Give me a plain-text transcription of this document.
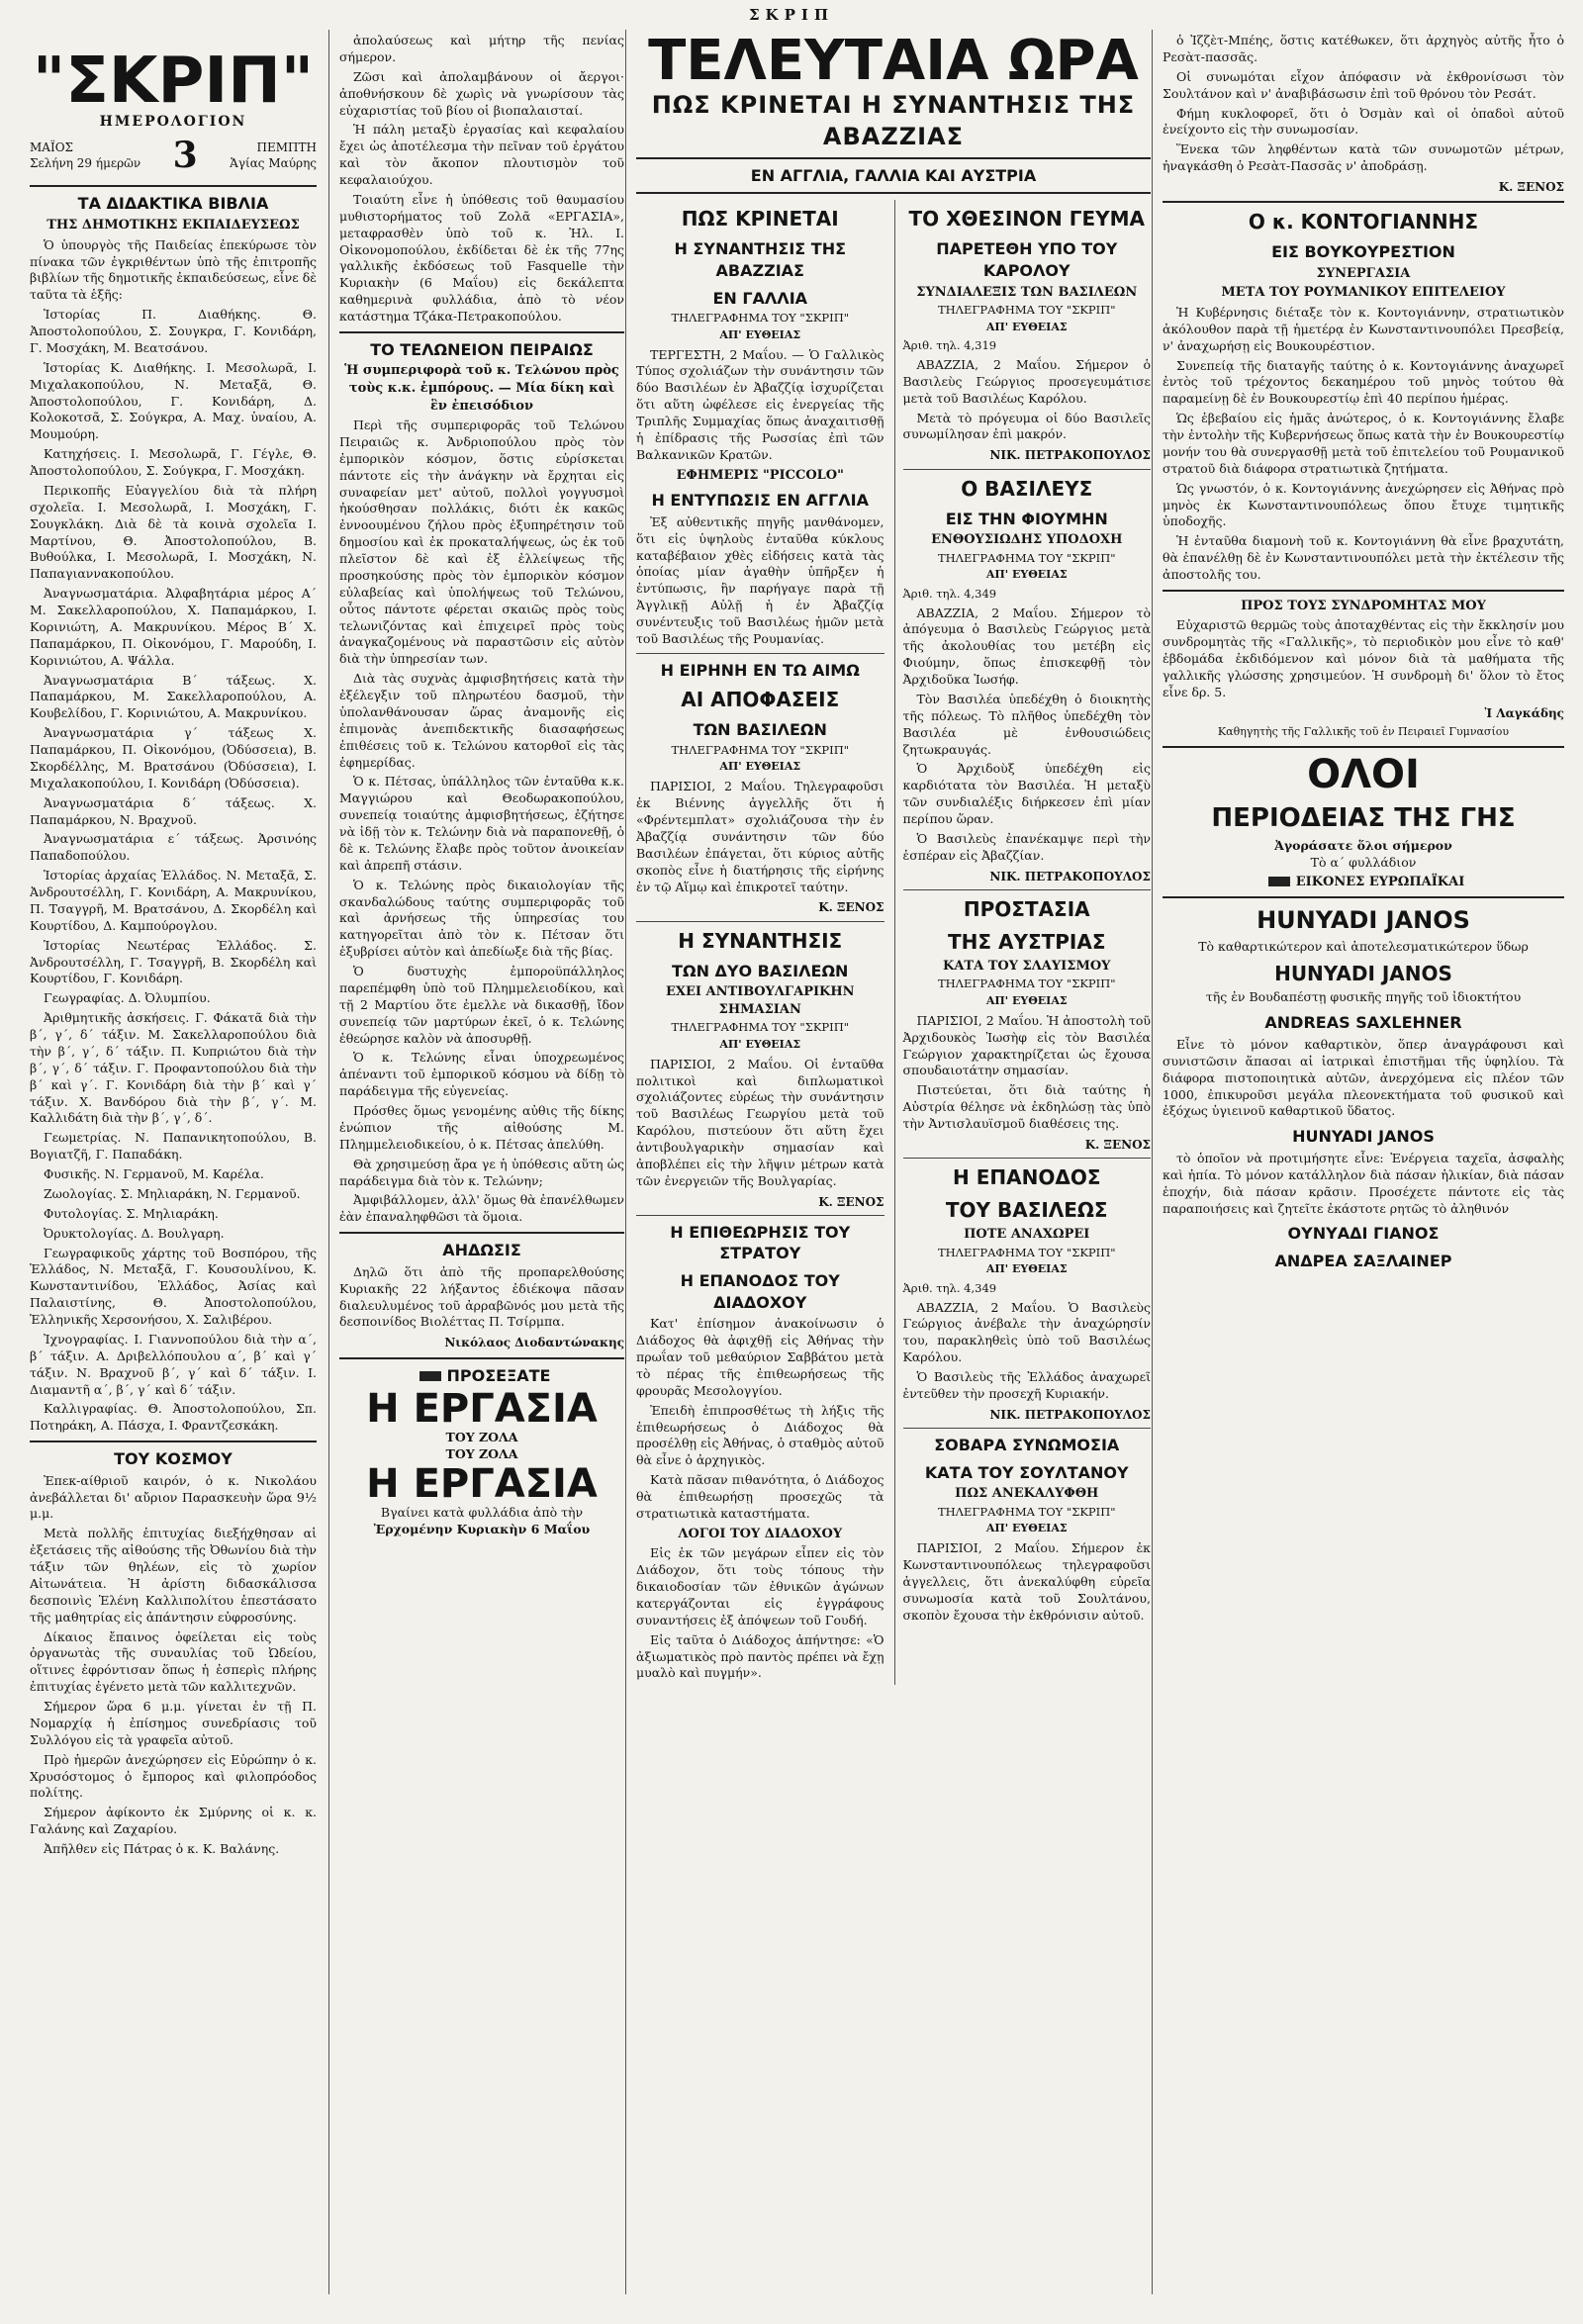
ΣΚΡΙΠ
"ΣΚΡΙΠ"
ΗΜΕΡΟΛΟΓΙΟΝ
ΜΑΪΟΣ
Σελήνη 29 ήμερῶν 3	ΠΕΜΠΤΗ
Ἁγίας Μαύρης
ΤΑ ΔΙΔΑΚΤΙΚΑ ΒΙΒΛΙΑ
ΤΗΣ ΔΗΜΟΤΙΚΗΣ ΕΚΠΑΙΔΕΥΣΕΩΣ

Ὁ ὑπουργὸς τῆς Παιδείας ἐπεκύρωσε τὸν πίνακα τῶν ἐγκριθέντων ὑπὸ τῆς ἐπιτροπῆς βιβλίων τῆς δημοτικῆς ἐκπαιδεύσεως, εἶνε δὲ ταῦτα τὰ ἑξῆς:

Ἱστορίας Π. Διαθήκης. Θ. Ἀποστολοπούλου, Σ. Σουγκρα, Γ. Κονιδάρη, Γ. Μοσχάκη, Μ. Βεατσάνου.

Ἱστορίας Κ. Διαθήκης. Ι. Μεσολωρᾶ, Ι. Μιχαλακοπούλου, Ν. Μεταξᾶ, Θ. Ἀποστολοπούλου, Γ. Κονιδάρη, Δ. Κολοκοτσᾶ, Σ. Σούγκρα, Α. Μαχ. ὑναίου, Α. Μουμούρη.

Κατηχήσεις. Ι. Μεσολωρᾶ, Γ. Γέγλε, Θ. Ἀποστολοπούλου, Σ. Σούγκρα, Γ. Μοσχάκη.

Περικοπῆς Εὐαγγελίου διὰ τὰ πλήρη σχολεῖα. Ι. Μεσολωρᾶ, Ι. Μοσχάκη, Γ. Σουγκλάκη. Διὰ δὲ τὰ κοινὰ σχολεῖα Ι. Μαρτίνου, Θ. Ἀποστολοπούλου, Β. Βυθούλκα, Ι. Μεσολωρᾶ, Ι. Μοσχάκη, Ν. Παπαγιαννακοπούλου.

Ἀναγνωσματάρια. Ἀλφαβητάρια μέρος Α΄ Μ. Σακελλαροπούλου, Χ. Παπαμάρκου, Ι. Κορινιώτη, Α. Μακρυνίκου. Μέρος Β΄ Χ. Παπαμάρκου, Π. Οἰκονόμου, Γ. Μαρούδη, Ι. Κορινιώτου, Α. Ψάλλα.

Ἀναγνωσματάρια Β΄ τάξεως. Χ. Παπαμάρκου, Μ. Σακελλαροπούλου, Α. Κουβελίδου, Γ. Κορινιώτου, Α. Μακρυνίκου.

Ἀναγνωσματάρια γ΄ τάξεως Χ. Παπαμάρκου, Π. Οἰκονόμου, (Ὀδύσσεια), Β. Σκορδέλλης, Μ. Βρατσάνου (Ὀδύσσεια), Ι. Μιχαλακοπούλου, Ι. Κονιδάρη (Ὀδύσσεια).

Ἀναγνωσματάρια δ΄ τάξεως. Χ. Παπαμάρκου, Ν. Βραχνοῦ.

Ἀναγνωσματάρια ε΄ τάξεως. Ἀρσινόης Παπαδοπούλου.

Ἱστορίας ἀρχαίας Ἑλλάδος. Ν. Μεταξᾶ, Σ. Ἀνδρουτσέλλη, Γ. Κονιδάρη, Α. Μακρυνίκου, Π. Τσαγγρῆ, Μ. Βρατσάνου, Δ. Σκορδέλη καὶ Κουρτίδου, Δ. Καμπούρογλου.

Ἱστορίας Νεωτέρας Ἑλλάδος. Σ. Ἀνδρουτσέλλη, Γ. Τσαγγρῆ, Β. Σκορδέλη καὶ Κουρτίδου, Γ. Κονιδάρη.

Γεωγραφίας. Δ. Ὀλυμπίου.

Ἀριθμητικῆς ἀσκήσεις. Γ. Φάκατᾶ διὰ τὴν β΄, γ΄, δ΄ τάξιν. Μ. Σακελλαροπούλου διὰ τὴν β΄, γ΄, δ΄ τάξιν. Π. Κυπριώτου διὰ τὴν β΄, γ΄, δ΄ τάξιν. Γ. Προφαντοπούλου διὰ τὴν β΄ καὶ γ΄. Γ. Κονιδάρη διὰ τὴν β΄ καὶ γ΄ τάξιν. Χ. Βανδόρου διὰ τὴν β΄, γ΄. Μ. Καλλιδάτη διὰ τὴν β΄, γ΄, δ΄.

Γεωμετρίας. Ν. Παπανικητοπούλου, Β. Βογιατζῆ, Γ. Παπαδάκη.

Φυσικῆς. Ν. Γερμανοῦ, Μ. Καρέλα.

Ζωολογίας. Σ. Μηλιαράκη, Ν. Γερμανοῦ.

Φυτολογίας. Σ. Μηλιαράκη.

Ὀρυκτολογίας. Δ. Βουλγαρη.

Γεωγραφικοῦς χάρτης τοῦ Βοσπόρου, τῆς Ἑλλάδος, Ν. Μεταξᾶ, Γ. Κουσουλίνου, Κ. Κωνσταντινίδου, Ἑλλάδος, Ἀσίας καὶ Παλαιστίνης, Θ. Ἀποστολοπούλου, Ἑλληνικῆς Χερσονήσου, Χ. Σαλιβέρου.

Ἰχνογραφίας. Ι. Γιαννοπούλου διὰ τὴν α΄, β΄ τάξιν. Α. Δριβελλόπουλου α΄, β΄ καὶ γ΄ τάξιν. Ν. Βραχνοῦ β΄, γ΄ καὶ δ΄ τάξιν. Ι. Διαμαντῆ α΄, β΄, γ΄ καὶ δ΄ τάξιν.

Καλλιγραφίας. Θ. Ἀποστολοπούλου, Σπ. Ποτηράκη, Α. Πάσχα, Ι. Φραντζεσκάκη.

ΤΟΥ ΚΟΣΜΟΥ

Ἐπεκ-αίθριοῦ καιρόν, ὁ κ. Νικολάου ἀνεβάλλεται δι' αὔριον Παρασκευὴν ὥρα 9½ μ.μ.

Μετὰ πολλῆς ἐπιτυχίας διεξήχθησαν αἱ ἐξετάσεις τῆς αἰθούσης τῆς Ὀθωνίου διὰ τὴν τάξιν τῶν θηλέων, εἰς τὸ χωρίον Αἰτωνάτεια. Ἡ ἀρίστη διδασκάλισσα δεσποινὶς Ἑλένη Καλλιπολίτου ἐπεστάσατο τῆς μαθητρίας εἰς ἀπάντησιν εὐφροσύνης.

Δίκαιος ἔπαινος ὀφείλεται εἰς τοὺς ὀργανωτὰς τῆς συναυλίας τοῦ Ὠδείου, οἵτινες ἐφρόντισαν ὅπως ἡ ἐσπερὶς πλήρης ἐπιτυχίας ἐγένετο μετὰ τῶν καλλιτεχνῶν.

Σήμερον ὥρα 6 μ.μ. γίνεται ἐν τῇ Π. Νομαρχίᾳ ἡ ἐπίσημος συνεδρίασις τοῦ Συλλόγου εἰς τὰ γραφεῖα αὐτοῦ.

Πρὸ ἡμερῶν ἀνεχώρησεν εἰς Εὐρώπην ὁ κ. Χρυσόστομος ὁ ἔμπορος καὶ φιλοπρόοδος πολίτης.

Σήμερον ἀφίκοντο ἐκ Σμύρνης οἱ κ. κ. Γαλάνης καὶ Ζαχαρίου.

Ἀπῆλθεν εἰς Πάτρας ὁ κ. Κ. Βαλάνης.

ἀπολαύσεως καὶ μήτηρ τῆς πενίας σήμερον.

Ζῶσι καὶ ἀπολαμβάνουν οἱ ἄεργοι· ἀποθνήσκουν δὲ χωρὶς νὰ γνωρίσουν τὰς εὐχαριστίας τοῦ βίου οἱ βιοπαλαισταί.

Ἡ πάλη μεταξὺ ἐργασίας καὶ κεφαλαίου ἔχει ὡς ἀποτέλεσμα τὴν πεῖναν τοῦ ἐργάτου καὶ τὸν ἄκοπον πλουτισμὸν τοῦ κεφαλαιούχου.

Τοιαύτη εἶνε ἡ ὑπόθεσις τοῦ θαυμασίου μυθιστορήματος τοῦ Ζολᾶ «ΕΡΓΑΣΙΑ», μεταφρασθὲν ὑπὸ τοῦ κ. Ἠλ. Ι. Οἰκονομοπούλου, ἐκδίδεται δὲ ἐκ τῆς 77ης γαλλικῆς ἐκδόσεως τοῦ Fasquelle τὴν Κυριακὴν (6 Μαΐου) εἰς δεκάλεπτα καθημερινὰ φυλλάδια, ἀπὸ τὸ νέον κατάστημα Τζάκα-Πετρακοπούλου.

ΤΟ ΤΕΛΩΝΕΙΟΝ ΠΕΙΡΑΙΩΣ
Ἡ συμπεριφορὰ τοῦ κ. Τελώνου πρὸς τοὺς κ.κ. ἐμπόρους. — Μία δίκη καὶ ἓν ἐπεισόδιον

Περὶ τῆς συμπεριφορᾶς τοῦ Τελώνου Πειραιῶς κ. Ἀνδριοπούλου πρὸς τὸν ἐμπορικὸν κόσμον, ὅστις εὑρίσκεται πάντοτε εἰς τὴν ἀνάγκην νὰ ἔρχηται εἰς συναφείαν μετ' αὐτοῦ, πολλοὶ γογγυσμοὶ ἠκούσθησαν πολλάκις, διότι ἐκ κακῶς ἐννοουμένου ζήλου πρὸς ἐξυπηρέτησιν τοῦ δημοσίου καὶ ἐκ προκαταλήψεως, ὡς ἐκ τοῦ πλεῖστον δὲ καὶ ἐξ ἐλλείψεως τῆς προσηκούσης πρὸς τὸν ἐμπορικὸν κόσμον εὐλαβείας καὶ ὑπολήψεως τοῦ Τελώνου, οὗτος πάντοτε φέρεται σκαιῶς πρὸς τοὺς τελωνιζόντας καὶ ἐπιχειρεῖ πρὸς τοὺς ἀναγκαζομένους νὰ παραστῶσιν εἰς αὐτὸν διὰ τὴν ὑπηρεσίαν των.

Διὰ τὰς συχνὰς ἀμφισβητήσεις κατὰ τὴν ἐξέλεγξιν τοῦ πληρωτέου δασμοῦ, τὴν ὑπολανθάνουσαν ὥρας ἀναμονῆς εἰς ἐπιμονὰς ἀνεπιδεκτικῆς διασαφήσεως ἐπιθέσεις τοῦ κ. Τελώνου κατορθοῖ εἰς τὰς ἐφημερίδας.

Ὁ κ. Πέτσας, ὑπάλληλος τῶν ἐνταῦθα κ.κ. Μαγγιώρου καὶ Θεοδωρακοπούλου, συνεπείᾳ τοιαύτης ἀμφισβητήσεως, ἐζήτησε νὰ ἰδῇ τὸν κ. Τελώνην διὰ νὰ παραπονεθῇ, ὁ δὲ κ. Τελώνης ἔλαβε πρὸς τοῦτον ἀνοικείαν καὶ ἀπρεπῆ στάσιν.

Ὁ κ. Τελώνης πρὸς δικαιολογίαν τῆς σκανδαλώδους ταύτης συμπεριφορᾶς τοῦ καὶ ἀρνήσεως τῆς ὑπηρεσίας του κατηγορεῖται ἀπὸ τὸν κ. Πέτσαν ὅτι ἐξυβρίσει αὐτὸν καὶ ἀπεδίωξε διὰ τῆς βίας.

Ὁ δυστυχὴς ἐμποροϋπάλληλος παρεπέμφθη ὑπὸ τοῦ Πλημμελειοδίκου, καὶ τῇ 2 Μαρτίου ὅτε ἐμελλε νὰ δικασθῇ, ἴδον συνεπείᾳ τῶν μαρτύρων ἐκεῖ, ὁ κ. Τελώνης ἐθεώρησε καλὸν νὰ ἀποσυρθῇ.

Ὁ κ. Τελώνης εἶναι ὑποχρεωμένος ἀπέναντι τοῦ ἐμπορικοῦ κόσμου νὰ δίδῃ τὸ παράδειγμα τῆς εὐγενείας.

Πρόσθες ὅμως γενομένης αὐθις τῆς δίκης ἐνώπιον τῆς αἰθούσης Μ. Πλημμελειοδικείου, ὁ κ. Πέτσας ἀπελύθη.

Θὰ χρησιμεύσῃ ἄρα γε ἡ ὑπόθεσις αὕτη ὡς παράδειγμα διὰ τὸν κ. Τελώνην;

Ἀμφιβάλλομεν, ἀλλ' ὅμως θὰ ἐπανέλθωμεν ἐὰν ἐπαναληφθῶσι τὰ ὅμοια.

ΑΗΔΩΣΙΣ

Δηλῶ ὅτι ἀπὸ τῆς προπαρελθούσης Κυριακῆς 22 λήξαντος ἐδιέκοψα πᾶσαν διαλευλυμένος τοῦ ἀρραβῶνός μου μετὰ τῆς δεσποινίδος Βιολέττας Π. Τσίρμπα.

Νικόλαος Διοδαντώνακης
ΠΡΟΣΕΞΑΤΕ
Η ΕΡΓΑΣΙΑ
ΤΟΥ ΖΟΛΑ
ΤΟΥ ΖΟΛΑ
Η ΕΡΓΑΣΙΑ
Βγαίνει κατὰ φυλλάδια ἀπὸ τὴν
Ἐρχομένην Κυριακὴν 6 Μαΐου
ΤΕΛΕΥΤΑΙΑ ΩΡΑ
ΠΩΣ ΚΡΙΝΕΤΑΙ Η ΣΥΝΑΝΤΗΣΙΣ ΤΗΣ ΑΒΑΖΖΙΑΣ
ΕΝ ΑΓΓΛΙΑ, ΓΑΛΛΙΑ ΚΑΙ ΑΥΣΤΡΙΑ
ΠΩΣ ΚΡΙΝΕΤΑΙ
Η ΣΥΝΑΝΤΗΣΙΣ ΤΗΣ ΑΒΑΖΖΙΑΣ
ΕΝ ΓΑΛΛΙΑ
ΤΗΛΕΓΡΑΦΗΜΑ ΤΟΥ "ΣΚΡΙΠ"
ΑΠ' ΕΥΘΕΙΑΣ

ΤΕΡΓΕΣΤΗ, 2 Μαΐου. — Ὁ Γαλλικὸς Τύπος σχολιάζων τὴν συνάντησιν τῶν δύο Βασιλέων ἐν Ἀβαζζίᾳ ἰσχυρίζεται ὅτι αὕτη ὠφέλεσε εἰς ἐνεργείας τῆς Τριπλῆς Συμμαχίας ὅπως ἀναχαιτισθῇ ἡ ἐπίδρασις τῆς Ρωσσίας ἐπὶ τῶν Βαλκανικῶν Κρατῶν.

ΕΦΗΜΕΡΙΣ "PICCOLO"
Η ΕΝΤΥΠΩΣΙΣ ΕΝ ΑΓΓΛΙΑ

Ἐξ αὐθεντικῆς πηγῆς μανθάνομεν, ὅτι εἰς ὑψηλοὺς ἐνταῦθα κύκλους καταβέβαιον χθὲς εἰδήσεις κατὰ τὰς ὁποίας μίαν ἀγαθὴν ὑπῆρξεν ἡ ἐντύπωσις, ἣν παρήγαγε παρὰ τῇ Ἀγγλικῇ Αὐλῇ ἡ ἐν Ἀβαζζίᾳ συνέντευξις τοῦ Βασιλέως ἡμῶν μετὰ τοῦ Βασιλέως τῆς Ρουμανίας.

Η ΕΙΡΗΝΗ ΕΝ ΤΩ ΑΙΜΩ
ΑΙ ΑΠΟΦΑΣΕΙΣ
ΤΩΝ ΒΑΣΙΛΕΩΝ
ΤΗΛΕΓΡΑΦΗΜΑ ΤΟΥ "ΣΚΡΙΠ"
ΑΠ' ΕΥΘΕΙΑΣ

ΠΑΡΙΣΙΟΙ, 2 Μαΐου. Τηλεγραφοῦσι ἐκ Βιέννης ἀγγελλῆς ὅτι ἡ «Φρέντεμπλατ» σχολιάζουσα τὴν ἐν Ἀβαζζίᾳ συνάντησιν τῶν δύο Βασιλέων ἐπάγεται, ὅτι κύριος αὐτῆς σκοπὸς εἶνε ἡ διατήρησις τῆς εἰρήνης ἐν τῷ Αἵμῳ καὶ ἐπικροτεῖ ταύτην.

Κ. ΞΕΝΟΣ
Η ΣΥΝΑΝΤΗΣΙΣ
ΤΩΝ ΔΥΟ ΒΑΣΙΛΕΩΝ
ΕΧΕΙ ΑΝΤΙΒΟΥΛΓΑΡΙΚΗΝ ΣΗΜΑΣΙΑΝ
ΤΗΛΕΓΡΑΦΗΜΑ ΤΟΥ "ΣΚΡΙΠ"
ΑΠ' ΕΥΘΕΙΑΣ

ΠΑΡΙΣΙΟΙ, 2 Μαΐου. Οἱ ἐνταῦθα πολιτικοὶ καὶ διπλωματικοὶ σχολιάζοντες εὐρέως τὴν συνάντησιν τοῦ Βασιλέως Γεωργίου μετὰ τοῦ Καρόλου, πιστεύουν ὅτι αὕτη ἔχει ἀντιβουλγαρικὴν σημασίαν καὶ ἀποβλέπει εἰς τὴν λῆψιν μέτρων κατὰ τῶν ἐνεργειῶν τῆς Βουλγαρίας.

Κ. ΞΕΝΟΣ
Η ΕΠΙΘΕΩΡΗΣΙΣ ΤΟΥ ΣΤΡΑΤΟΥ
Η ΕΠΑΝΟΔΟΣ ΤΟΥ ΔΙΑΔΟΧΟΥ

Κατ' ἐπίσημον ἀνακοίνωσιν ὁ Διάδοχος θὰ ἀφιχθῇ εἰς Ἀθήνας τὴν πρωΐαν τοῦ μεθαύριον Σαββάτου μετὰ τὸ πέρας τῆς ἐπιθεωρήσεως τῆς φρουρᾶς Μεσολογγίου.

Ἐπειδὴ ἐπιπροσθέτως τὴ λήξις τῆς ἐπιθεωρήσεως ὁ Διάδοχος θὰ προσέλθῃ εἰς Ἀθήνας, ὁ σταθμὸς αὐτοῦ θὰ εἶνε ὁ ἀρχηγικὸς.

Κατὰ πᾶσαν πιθανότητα, ὁ Διάδοχος θὰ ἐπιθεωρήσῃ προσεχῶς τὰ στρατιωτικὰ καταστήματα.

ΛΟΓΟΙ ΤΟΥ ΔΙΑΔΟΧΟΥ

Εἰς ἐκ τῶν μεγάρων εἶπεν εἰς τὸν Διάδοχον, ὅτι τοὺς τόπους τὴν δικαιοδοσίαν τῶν ἐθνικῶν ἀγώνων κατεργάζονται εἰς ἐγγράφους συναντήσεις ἐξ ἀπόψεων τοῦ Γουδή.

Εἰς ταῦτα ὁ Διάδοχος ἀπήντησε: «Ὁ ἀξιωματικὸς πρὸ παντὸς πρέπει νὰ ἔχῃ μυαλὸ καὶ πυγμήν».

ΤΟ ΧΘΕΣΙΝΟΝ ΓΕΥΜΑ
ΠΑΡΕΤΕΘΗ ΥΠΟ ΤΟΥ ΚΑΡΟΛΟΥ
ΣΥΝΔΙΑΛΕΞΙΣ ΤΩΝ ΒΑΣΙΛΕΩΝ
ΤΗΛΕΓΡΑΦΗΜΑ ΤΟΥ "ΣΚΡΙΠ"
ΑΠ' ΕΥΘΕΙΑΣ
Ἀριθ. τηλ. 4,319

ΑΒΑΖΖΙΑ, 2 Μαΐου. Σήμερον ὁ Βασιλεὺς Γεώργιος προσεγευμάτισε μετὰ τοῦ Βασιλέως Καρόλου.

Μετὰ τὸ πρόγευμα οἱ δύο Βασιλεῖς συνωμίλησαν ἐπὶ μακρόν.

ΝΙΚ. ΠΕΤΡΑΚΟΠΟΥΛΟΣ
Ο ΒΑΣΙΛΕΥΣ
ΕΙΣ ΤΗΝ ΦΙΟΥΜΗΝ
ΕΝΘΟΥΣΙΩΔΗΣ ΥΠΟΔΟΧΗ
ΤΗΛΕΓΡΑΦΗΜΑ ΤΟΥ "ΣΚΡΙΠ"
ΑΠ' ΕΥΘΕΙΑΣ
Ἀριθ. τηλ. 4,349

ΑΒΑΖΖΙΑ, 2 Μαΐου. Σήμερον τὸ ἀπόγευμα ὁ Βασιλεὺς Γεώργιος μετὰ τῆς ἀκολουθίας του μετέβη εἰς Φιούμην, ὅπως ἐπισκεφθῇ τὸν Ἀρχιδοῦκα Ἰωσήφ.

Τὸν Βασιλέα ὑπεδέχθη ὁ διοικητὴς τῆς πόλεως. Τὸ πλῆθος ὑπεδέχθη τὸν Βασιλέα μὲ ἐνθουσιώδεις ζητωκραυγάς.

Ὁ Ἀρχιδοὺξ ὑπεδέχθη εἰς καρδιότατα τὸν Βασιλέα. Ἡ μεταξὺ τῶν συνδιαλέξις διήρκεσεν ἐπὶ μίαν περίπου ὥραν.

Ὁ Βασιλεὺς ἐπανέκαμψε περὶ τὴν ἑσπέραν εἰς Ἀβαζζίαν.

ΝΙΚ. ΠΕΤΡΑΚΟΠΟΥΛΟΣ
ΠΡΟΣΤΑΣΙΑ
ΤΗΣ ΑΥΣΤΡΙΑΣ
ΚΑΤΑ ΤΟΥ ΣΛΑΥΙΣΜΟΥ
ΤΗΛΕΓΡΑΦΗΜΑ ΤΟΥ "ΣΚΡΙΠ"
ΑΠ' ΕΥΘΕΙΑΣ

ΠΑΡΙΣΙΟΙ, 2 Μαΐου. Ἡ ἀποστολὴ τοῦ Ἀρχιδουκὸς Ἰωσὴφ εἰς τὸν Βασιλέα Γεώργιον χαρακτηρίζεται ὡς ἔχουσα σπουδαιοτάτην σημασίαν.

Πιστεύεται, ὅτι διὰ ταύτης ἡ Αὐστρία θέλησε νὰ ἐκδηλώσῃ τὰς ὑπὸ τὴν Ἀντισλαυϊσμοῦ διαθέσεις της.

Κ. ΞΕΝΟΣ
Η ΕΠΑΝΟΔΟΣ
ΤΟΥ ΒΑΣΙΛΕΩΣ
ΠΟΤΕ ΑΝΑΧΩΡΕΙ
ΤΗΛΕΓΡΑΦΗΜΑ ΤΟΥ "ΣΚΡΙΠ"
ΑΠ' ΕΥΘΕΙΑΣ
Ἀριθ. τηλ. 4,349

ΑΒΑΖΖΙΑ, 2 Μαΐου. Ὁ Βασιλεὺς Γεώργιος ἀνέβαλε τὴν ἀναχώρησίν του, παρακληθεὶς ὑπὸ τοῦ Βασιλέως Καρόλου.

Ὁ Βασιλεὺς τῆς Ἑλλάδος ἀναχωρεῖ ἐντεῦθεν τὴν προσεχῆ Κυριακήν.

ΝΙΚ. ΠΕΤΡΑΚΟΠΟΥΛΟΣ
ΣΟΒΑΡΑ ΣΥΝΩΜΟΣΙΑ
ΚΑΤΑ ΤΟΥ ΣΟΥΛΤΑΝΟΥ
ΠΩΣ ΑΝΕΚΑΛΥΦΘΗ
ΤΗΛΕΓΡΑΦΗΜΑ ΤΟΥ "ΣΚΡΙΠ"
ΑΠ' ΕΥΘΕΙΑΣ

ΠΑΡΙΣΙΟΙ, 2 Μαΐου. Σήμερον ἐκ Κωνσταντινουπόλεως τηλεγραφοῦσι ἀγγελλεις, ὅτι ἀνεκαλύφθη εὐρεῖα συνωμοσία κατὰ τοῦ Σουλτάνου, σκοπὸν ἔχουσα τὴν ἐκθρόνισιν αὐτοῦ.

ὁ Ἰζζὲτ-Μπέης, ὅστις κατέθωκεν, ὅτι ἀρχηγὸς αὐτῆς ἦτο ὁ Ρεσὰτ-πασσᾶς.

Οἱ συνωμόται εἶχον ἀπόφασιν νὰ ἐκθρονίσωσι τὸν Σουλτάνον καὶ ν' ἀναβιβάσωσιν ἐπὶ τοῦ θρόνου τὸν Ρεσάτ.

Φήμη κυκλοφορεῖ, ὅτι ὁ Ὀσμὰν καὶ οἱ ὁπαδοὶ αὐτοῦ ἐνείχοντο εἰς τὴν συνωμοσίαν.

Ἕνεκα τῶν ληφθέντων κατὰ τῶν συνωμοτῶν μέτρων, ἠναγκάσθη ὁ Ρεσὰτ-Πασσᾶς ν' ἀποδράσῃ.

Κ. ΞΕΝΟΣ
Ο κ. ΚΟΝΤΟΓΙΑΝΝΗΣ
ΕΙΣ ΒΟΥΚΟΥΡΕΣΤΙΟΝ
ΣΥΝΕΡΓΑΣΙΑ
ΜΕΤΑ ΤΟΥ ΡΟΥΜΑΝΙΚΟΥ ΕΠΙΤΕΛΕΙΟΥ

Ἡ Κυβέρνησις διέταξε τὸν κ. Κοντογιάννην, στρατιωτικὸν ἀκόλουθον παρὰ τῇ ἡμετέρᾳ ἐν Κωνσταντινουπόλει Πρεσβείᾳ, ν' ἀναχωρήσῃ εἰς Βουκουρέστιον.

Συνεπείᾳ τῆς διαταγῆς ταύτης ὁ κ. Κοντογιάννης ἀναχωρεῖ ἐντὸς τοῦ τρέχοντος δεκαημέρου τοῦ μηνὸς τούτου θὰ παραμείνῃ δὲ ἐν Βουκουρεστίῳ ἐπὶ 40 περίπου ἡμέρας.

Ὡς ἐβεβαίου εἰς ἡμᾶς ἀνώτερος, ὁ κ. Κοντογιάννης ἔλαβε τὴν ἐντολὴν τῆς Κυβερνήσεως ὅπως κατὰ τὴν ἐν Βουκουρεστίῳ μονήν του θὰ συνεργασθῇ μετὰ τοῦ ἐπιτελείου τοῦ Ρουμανικοῦ στρατοῦ διὰ διάφορα στρατιωτικὰ ζητήματα.

Ὡς γνωστόν, ὁ κ. Κοντογιάννης ἀνεχώρησεν εἰς Ἀθήνας πρὸ μηνὸς ἐκ Κωνσταντινουπόλεως ὅπου ἔτυχε τιμητικῆς ὑποδοχῆς.

Ἡ ἐνταῦθα διαμονὴ τοῦ κ. Κοντογιάννη θὰ εἶνε βραχυτάτη, θὰ ἐπανέλθῃ δὲ ἐν Κωνσταντινουπόλει μετὰ τὴν ἐκτέλεσιν τῆς ἀποστολῆς του.

ΠΡΟΣ ΤΟΥΣ ΣΥΝΔΡΟΜΗΤΑΣ ΜΟΥ

Εὐχαριστῶ θερμῶς τοὺς ἀποταχθέντας εἰς τὴν ἔκκλησίν μου συνδρομητὰς τῆς «Γαλλικῆς», τὸ περιοδικὸν μου εἶνε τὸ καθ' ἐβδομάδα ἐκδιδόμενον καὶ μόνον διὰ τὰ μαθήματα τῆς γαλλικῆς γλώσσης χρησιμεύον. Ἡ συνδρομὴ δι' ὅλον τὸ ἔτος εἶνε δρ. 5.

Ἰ Λαγκάδης
Καθηγητὴς τῆς Γαλλικῆς τοῦ ἐν Πειραιεῖ Γυμνασίου
ΟΛΟΙ
ΠΕΡΙΟΔΕΙΑΣ ΤΗΣ ΓΗΣ
Ἀγοράσατε ὅλοι σήμερον
Τὸ α΄ φυλλάδιον
ΕΙΚΟΝΕΣ ΕΥΡΩΠΑΪΚΑΙ
HUNYADI JANOS
Τὸ καθαρτικώτερον καὶ ἀποτελεσματικώτερον ὕδωρ
HUNYADI JANOS
τῆς ἐν Βουδαπέστῃ φυσικῆς πηγῆς τοῦ ἰδιοκτήτου
ANDREAS SAXLEHNER

Εἶνε τὸ μόνον καθαρτικὸν, ὅπερ ἀναγράφουσι καὶ συνιστῶσιν ἅπασαι αἱ ἰατρικαὶ ἐπιστῆμαι τῆς ὑφηλίου. Τὰ διάφορα πιστοποιητικὰ αὐτῶν, ἀνερχόμενα εἰς πλέον τῶν 1000, ἐπικυροῦσι μεγάλα πλεονεκτήματα τοῦ φυσικοῦ καὶ ἐξόχως ὑγιεινοῦ καθαρτικοῦ ὕδατος.

HUNYADI JANOS

τὸ ὁποῖον νὰ προτιμήσητε εἶνε: Ἐνέργεια ταχεῖα, ἀσφαλὴς καὶ ἠπία. Τὸ μόνον κατάλληλον διὰ πάσαν ἡλικίαν, διὰ πάσαν ἐποχήν, διὰ πάσαν κρᾶσιν. Προσέχετε πάντοτε εἰς τὰς παραποιήσεις καὶ ζητεῖτε ἐκάστοτε ρητῶς τὸ ἀληθινόν

ΟΥΝΥΑΔΙ ΓΙΑΝΟΣ
ΑΝΔΡΕΑ ΣΑΞΛΑΙΝΕΡ
